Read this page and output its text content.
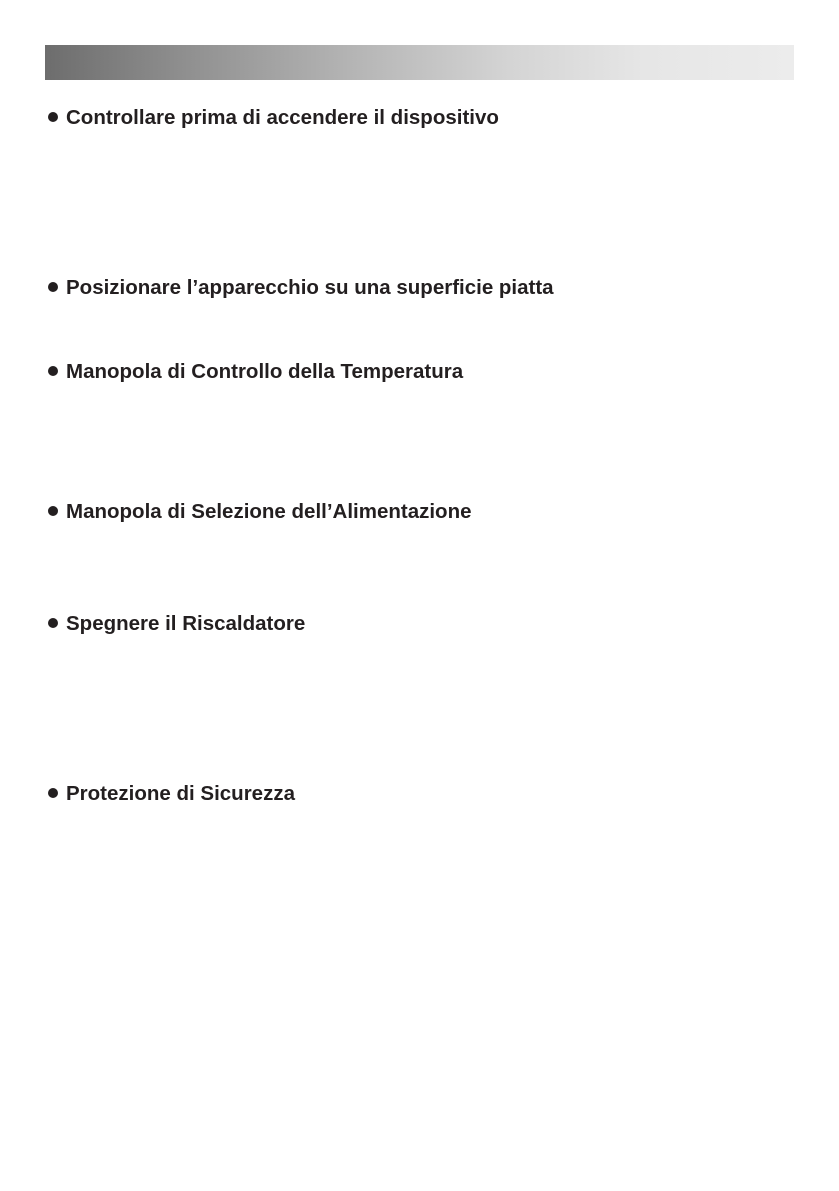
Controllare prima di accendere il dispositivo
Posizionare l’apparecchio su una superficie piatta
Manopola di Controllo della Temperatura
Manopola di Selezione dell’Alimentazione
Spegnere il Riscaldatore
Protezione di Sicurezza
